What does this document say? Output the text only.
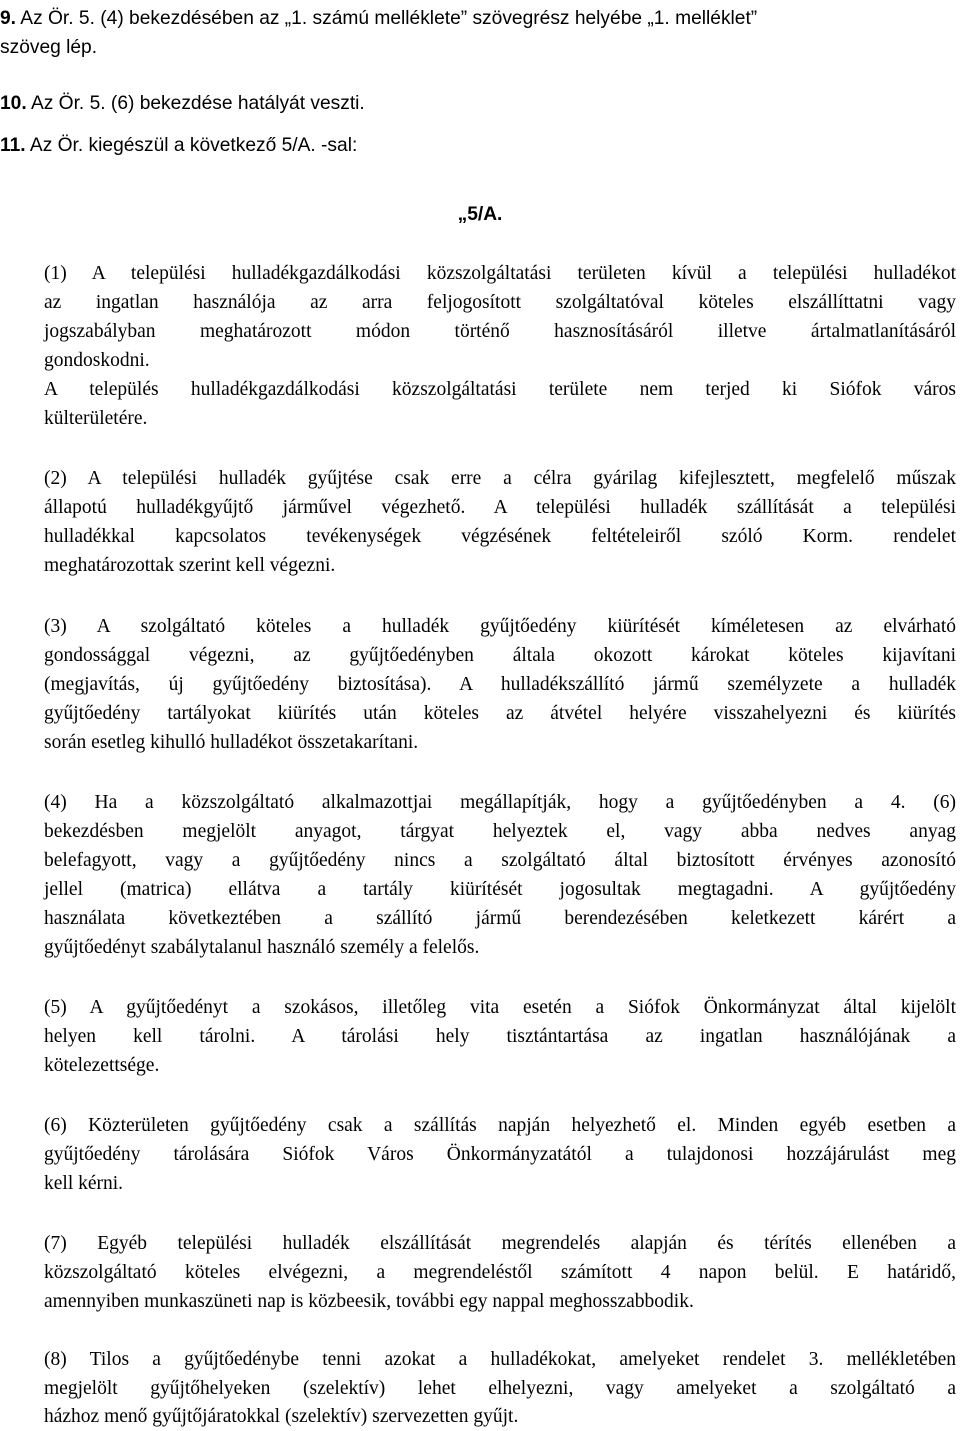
9. Az Ör. 5. (4) bekezdésében az „1. számú melléklete” szövegrész helyébe „1. melléklet”
szöveg lép.
10. Az Ör. 5. (6) bekezdése hatályát veszti.
11. Az Ör. kiegészül a következő 5/A. -sal:
„5/A.
(1) A települési hulladékgazdálkodási közszolgáltatási területen kívül a települési hulladékot
az ingatlan használója az arra feljogosított szolgáltatóval köteles elszállíttatni vagy
jogszabályban meghatározott módon történő hasznosításáról illetve ártalmatlanításáról
gondoskodni.
A település hulladékgazdálkodási közszolgáltatási területe nem terjed ki Siófok város
külterületére.
(2) A települési hulladék gyűjtése csak erre a célra gyárilag kifejlesztett, megfelelő műszak
állapotú hulladékgyűjtő járművel végezhető. A települési hulladék szállítását a települési
hulladékkal kapcsolatos tevékenységek végzésének feltételeiről szóló Korm. rendelet
meghatározottak szerint kell végezni.
(3) A szolgáltató köteles a hulladék gyűjtőedény kiürítését kíméletesen az elvárható
gondossággal végezni, az gyűjtőedényben általa okozott károkat köteles kijavítani
(megjavítás, új gyűjtőedény biztosítása). A hulladékszállító jármű személyzete a hulladék
gyűjtőedény tartályokat kiürítés után köteles az átvétel helyére visszahelyezni és kiürítés
során esetleg kihulló hulladékot összetakarítani.
(4) Ha a közszolgáltató alkalmazottjai megállapítják, hogy a gyűjtőedényben a 4. (6)
bekezdésben megjelölt anyagot, tárgyat helyeztek el, vagy abba nedves anyag
belefagyott, vagy a gyűjtőedény nincs a szolgáltató által biztosított érvényes azonosító
jellel (matrica) ellátva a tartály kiürítését jogosultak megtagadni. A gyűjtőedény
használata következtében a szállító jármű berendezésében keletkezett kárért a
gyűjtőedényt szabálytalanul használó személy a felelős.
(5) A gyűjtőedényt a szokásos, illetőleg vita esetén a Siófok Önkormányzat által kijelölt
helyen kell tárolni. A tárolási hely tisztántartása az ingatlan használójának a
kötelezettsége.
(6) Közterületen gyűjtőedény csak a szállítás napján helyezhető el. Minden egyéb esetben a
gyűjtőedény tárolására Siófok Város Önkormányzatától a tulajdonosi hozzájárulást meg
kell kérni.
(7) Egyéb települési hulladék elszállítását megrendelés alapján és térítés ellenében a
közszolgáltató köteles elvégezni, a megrendeléstől számított 4 napon belül. E határidő,
amennyiben munkaszüneti nap is közbeesik, további egy nappal meghosszabbodik.
(8) Tilos a gyűjtőedénybe tenni azokat a hulladékokat, amelyeket rendelet 3. mellékletében
megjelölt gyűjtőhelyeken (szelektív) lehet elhelyezni, vagy amelyeket a szolgáltató a
házhoz menő gyűjtőjáratokkal (szelektív) szervezetten gyűjt.
